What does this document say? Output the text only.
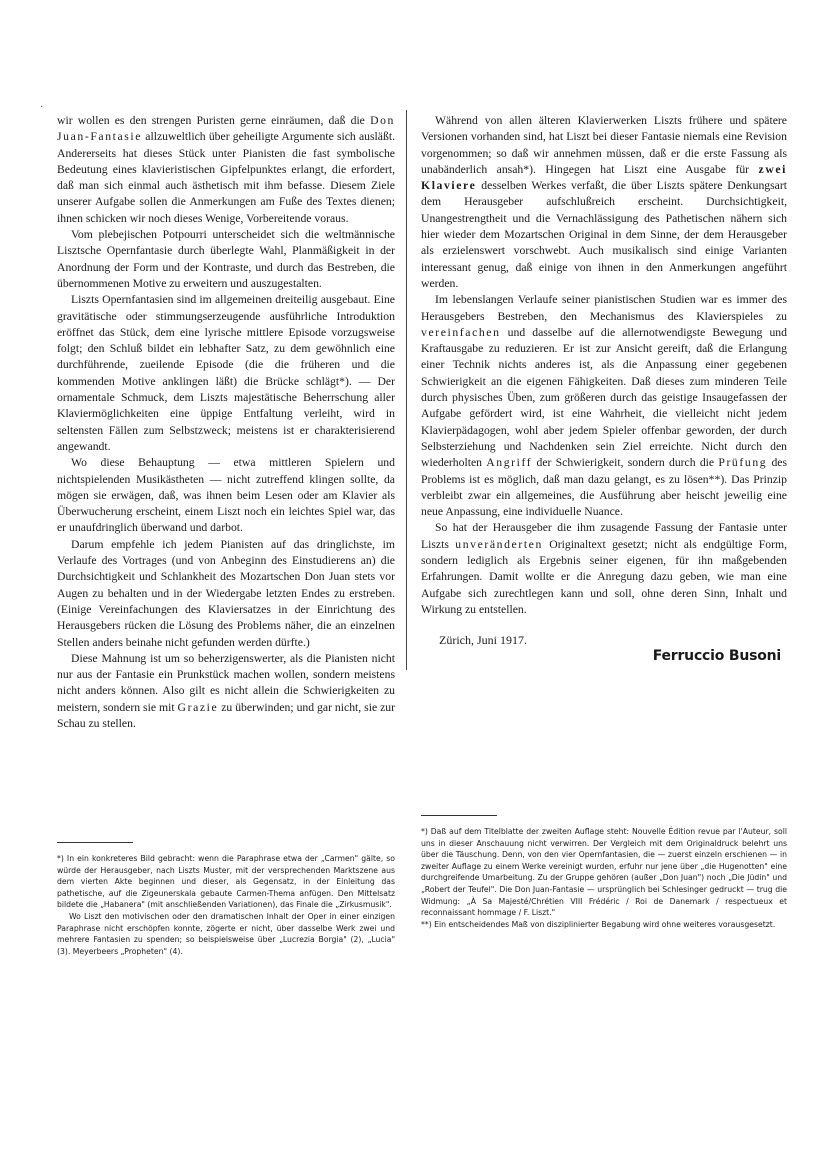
·

wir wollen es den strengen Puristen gerne einräumen, daß die Don Juan-Fantasie allzuweltlich über geheiligte Argumente sich ausläßt. Andererseits hat dieses Stück unter Pianisten die fast symbolische Bedeutung eines klavieristischen Gipfelpunktes erlangt, die erfordert, daß man sich einmal auch ästhetisch mit ihm befasse. Diesem Ziele unserer Aufgabe sollen die Anmerkungen am Fuße des Textes dienen; ihnen schicken wir noch dieses Wenige, Vorbereitende voraus.

Vom plebejischen Potpourri unterscheidet sich die weltmännische Lisztsche Opernfantasie durch überlegte Wahl, Planmäßigkeit in der Anordnung der Form und der Kontraste, und durch das Bestreben, die übernommenen Motive zu erweitern und auszugestalten.

Liszts Opernfantasien sind im allgemeinen dreiteilig ausgebaut. Eine gravitätische oder stimmungserzeugende ausführliche Introduktion eröffnet das Stück, dem eine lyrische mittlere Episode vorzugsweise folgt; den Schluß bildet ein lebhafter Satz, zu dem gewöhnlich eine durchführende, zueilende Episode (die die früheren und die kommenden Motive anklingen läßt) die Brücke schlägt*). — Der ornamentale Schmuck, dem Liszts majestätische Beherrschung aller Klaviermöglichkeiten eine üppige Entfaltung verleiht, wird in seltensten Fällen zum Selbstzweck; meistens ist er charakterisierend angewandt.

Wo diese Behauptung — etwa mittleren Spielern und nichtspielenden Musikästheten — nicht zutreffend klingen sollte, da mögen sie erwägen, daß, was ihnen beim Lesen oder am Klavier als Überwucherung erscheint, einem Liszt noch ein leichtes Spiel war, das er unaufdringlich überwand und darbot.

Darum empfehle ich jedem Pianisten auf das dringlichste, im Verlaufe des Vortrages (und von Anbeginn des Einstudierens an) die Durchsichtigkeit und Schlankheit des Mozartschen Don Juan stets vor Augen zu behalten und in der Wiedergabe letzten Endes zu erstreben. (Einige Vereinfachungen des Klaviersatzes in der Einrichtung des Herausgebers rücken die Lösung des Problems näher, die an einzelnen Stellen anders beinahe nicht gefunden werden dürfte.)

Diese Mahnung ist um so beherzigenswerter, als die Pianisten nicht nur aus der Fantasie ein Prunkstück machen wollen, sondern meistens nicht anders können. Also gilt es nicht allein die Schwierigkeiten zu meistern, sondern sie mit Grazie zu überwinden; und gar nicht, sie zur Schau zu stellen.

Während von allen älteren Klavierwerken Liszts frühere und spätere Versionen vorhanden sind, hat Liszt bei dieser Fantasie niemals eine Revision vorgenommen; so daß wir annehmen müssen, daß er die erste Fassung als unabänderlich ansah*). Hingegen hat Liszt eine Ausgabe für zwei Klaviere desselben Werkes verfaßt, die über Liszts spätere Denkungsart dem Herausgeber aufschlußreich erscheint. Durchsichtigkeit, Unangestrengtheit und die Vernachlässigung des Pathetischen nähern sich hier wieder dem Mozartschen Original in dem Sinne, der dem Herausgeber als erzielenswert vorschwebt. Auch musikalisch sind einige Varianten interessant genug, daß einige von ihnen in den Anmerkungen angeführt werden.

Im lebenslangen Verlaufe seiner pianistischen Studien war es immer des Herausgebers Bestreben, den Mechanismus des Klavierspieles zu vereinfachen und dasselbe auf die allernotwendigste Bewegung und Kraftausgabe zu reduzieren. Er ist zur Ansicht gereift, daß die Erlangung einer Technik nichts anderes ist, als die Anpassung einer gegebenen Schwierigkeit an die eigenen Fähigkeiten. Daß dieses zum minderen Teile durch physisches Üben, zum größeren durch das geistige Insaugefassen der Aufgabe gefördert wird, ist eine Wahrheit, die vielleicht nicht jedem Klavierpädagogen, wohl aber jedem Spieler offenbar geworden, der durch Selbsterziehung und Nachdenken sein Ziel erreichte. Nicht durch den wiederholten Angriff der Schwierigkeit, sondern durch die Prüfung des Problems ist es möglich, daß man dazu gelangt, es zu lösen**). Das Prinzip verbleibt zwar ein allgemeines, die Ausführung aber heischt jeweilig eine neue Anpassung, eine individuelle Nuance.

So hat der Herausgeber die ihm zusagende Fassung der Fantasie unter Liszts unveränderten Originaltext gesetzt; nicht als endgültige Form, sondern lediglich als Ergebnis seiner eigenen, für ihn maßgebenden Erfahrungen. Damit wollte er die Anregung dazu geben, wie man eine Aufgabe sich zurechtlegen kann und soll, ohne deren Sinn, Inhalt und Wirkung zu entstellen.

Zürich, Juni 1917.

Ferruccio Busoni

*) In ein konkreteres Bild gebracht: wenn die Paraphrase etwa der „Carmen" gälte, so würde der Herausgeber, nach Liszts Muster, mit der versprechenden Marktszene aus dem vierten Akte beginnen und dieser, als Gegensatz, in der Einleitung das pathetische, auf die Zigeunerskala gebaute Carmen-Thema anfügen. Den Mittelsatz bildete die „Habanera" (mit anschließenden Variationen), das Finale die „Zirkusmusik".

Wo Liszt den motivischen oder den dramatischen Inhalt der Oper in einer einzigen Paraphrase nicht erschöpfen konnte, zögerte er nicht, über dasselbe Werk zwei und mehrere Fantasien zu spenden; so beispielsweise über „Lucrezia Borgia" (2), „Lucia" (3). Meyerbeers „Propheten" (4).

*) Daß auf dem Titelblatte der zweiten Auflage steht: Nouvelle Édition revue par l'Auteur, soll uns in dieser Anschauung nicht verwirren. Der Vergleich mit dem Originaldruck belehrt uns über die Täuschung. Denn, von den vier Opernfantasien, die — zuerst einzeln erschienen — in zweiter Auflage zu einem Werke vereinigt wurden, erfuhr nur jene über „die Hugenotten" eine durchgreifende Umarbeitung. Zu der Gruppe gehören (außer „Don Juan") noch „Die Jüdin" und „Robert der Teufel". Die Don Juan-Fantasie — ursprünglich bei Schlesinger gedruckt — trug die Widmung: „À Sa Majesté/Chrétien VIII Frédéric / Roi de Danemark / respectueux et reconnaissant hommage / F. Liszt."

**) Ein entscheidendes Maß von disziplinierter Begabung wird ohne weiteres vorausgesetzt.
